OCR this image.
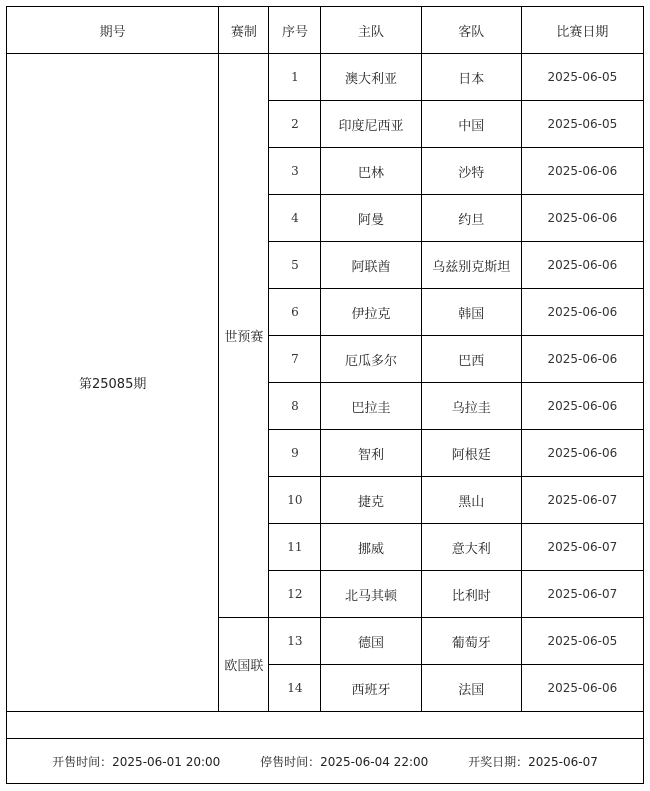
期号	赛制	序号	主队	客队	比赛日期
第25085期	世预赛	1	澳大利亚	日本	2025-06-05
		2	印度尼西亚	中国	2025-06-05
		3	巴林	沙特	2025-06-06
		4	阿曼	约旦	2025-06-06
		5	阿联酋	乌兹别克斯坦	2025-06-06
		6	伊拉克	韩国	2025-06-06
		7	厄瓜多尔	巴西	2025-06-06
		8	巴拉圭	乌拉圭	2025-06-06
		9	智利	阿根廷	2025-06-06
		10	捷克	黑山	2025-06-07
		11	挪威	意大利	2025-06-07
		12	北马其顿	比利时	2025-06-07
	欧国联	13	德国	葡萄牙	2025-06-05
		14	西班牙	法国	2025-06-06

开售时间：2025-06-01 20:00 停售时间：2025-06-04 22:00 开奖日期：2025-06-07					
